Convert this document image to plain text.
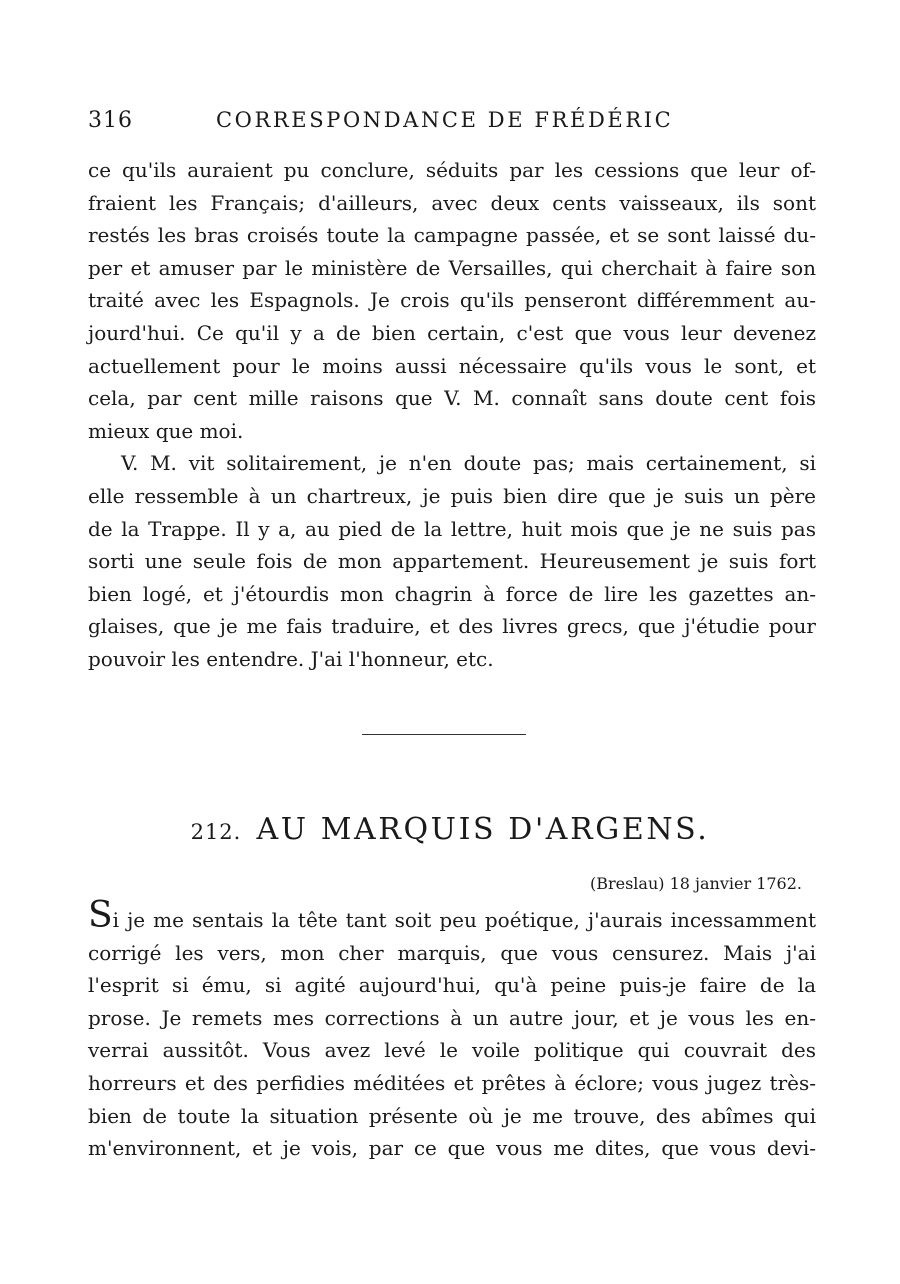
316	CORRESPONDANCE DE FRÉDÉRIC
ce qu'ils auraient pu conclure, séduits par les cessions que leur of-
fraient les Français; d'ailleurs, avec deux cents vaisseaux, ils sont
restés les bras croisés toute la campagne passée, et se sont laissé du-
per et amuser par le ministère de Versailles, qui cherchait à faire son
traité avec les Espagnols. Je crois qu'ils penseront différemment au-
jourd'hui. Ce qu'il y a de bien certain, c'est que vous leur devenez
actuellement pour le moins aussi nécessaire qu'ils vous le sont, et
cela, par cent mille raisons que V. M. connaît sans doute cent fois
mieux que moi.
V. M. vit solitairement, je n'en doute pas; mais certainement, si
elle ressemble à un chartreux, je puis bien dire que je suis un père
de la Trappe. Il y a, au pied de la lettre, huit mois que je ne suis pas
sorti une seule fois de mon appartement. Heureusement je suis fort
bien logé, et j'étourdis mon chagrin à force de lire les gazettes an-
glaises, que je me fais traduire, et des livres grecs, que j'étudie pour
pouvoir les entendre. J'ai l'honneur, etc.
212. AU MARQUIS D'ARGENS.
(Breslau) 18 janvier 1762.
Si je me sentais la tête tant soit peu poétique, j'aurais incessamment
corrigé les vers, mon cher marquis, que vous censurez. Mais j'ai
l'esprit si ému, si agité aujourd'hui, qu'à peine puis-je faire de la
prose. Je remets mes corrections à un autre jour, et je vous les en-
verrai aussitôt. Vous avez levé le voile politique qui couvrait des
horreurs et des perfidies méditées et prêtes à éclore; vous jugez très-
bien de toute la situation présente où je me trouve, des abîmes qui
m'environnent, et je vois, par ce que vous me dites, que vous devi-
